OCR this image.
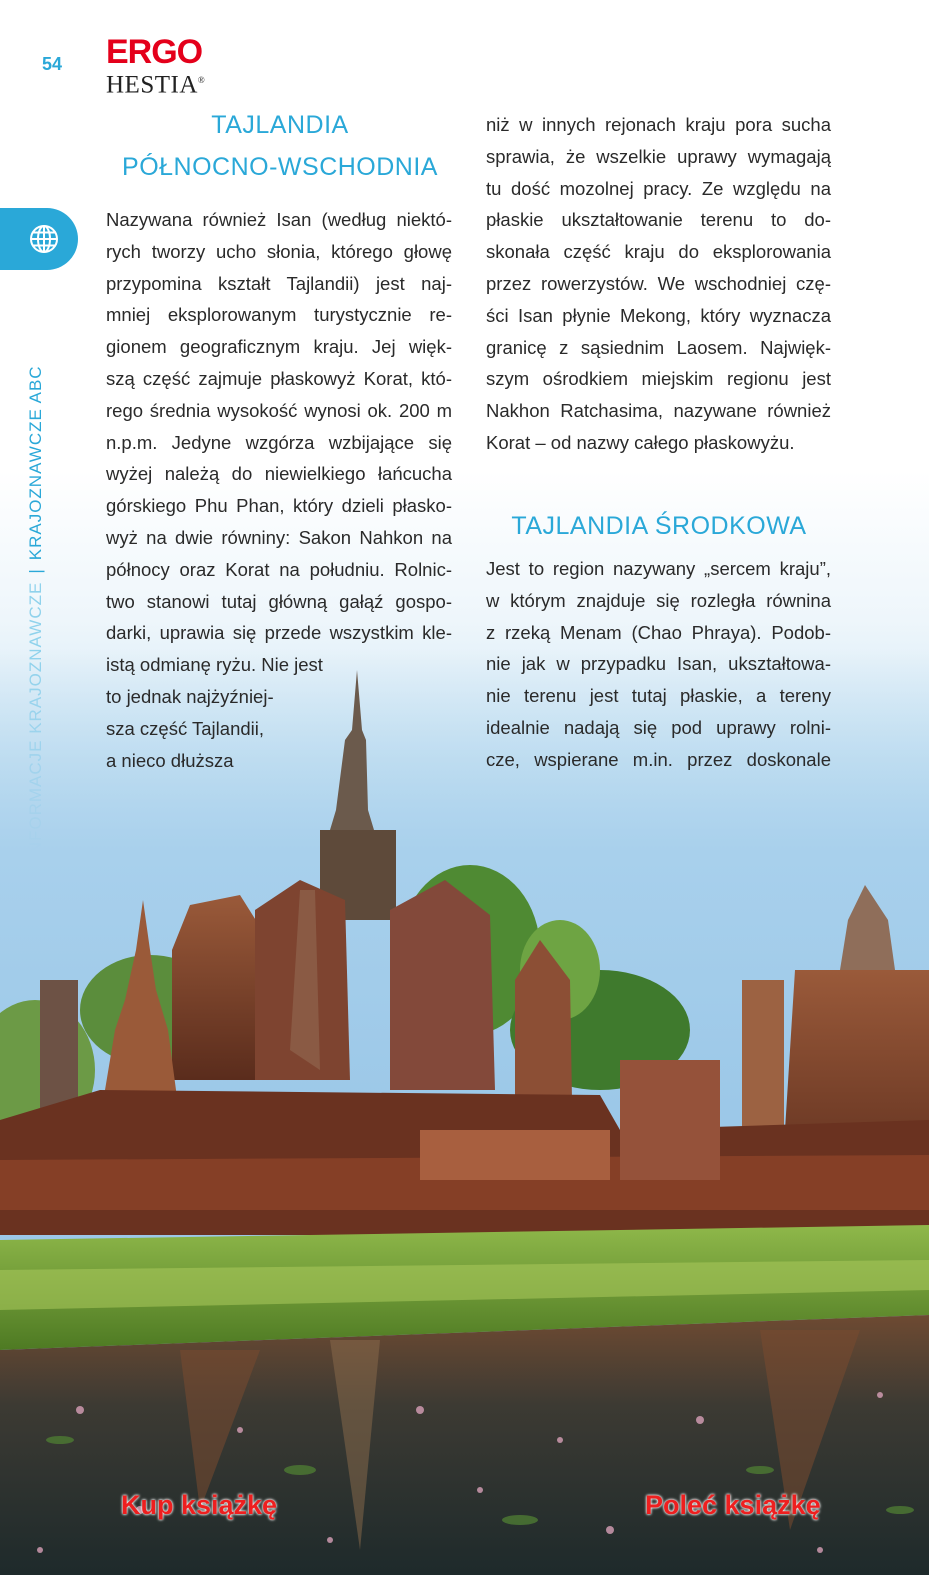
54 ERGO
HESTIA®
|KRAJOZNAWCZE ABC
TAJLANDIA
PÓŁNOCNO-WSCHODNIA
TAJLANDIA ŚRODKOWA
Nazywana również Isan (według niektó-
rych tworzy ucho słonia, którego głowę
przypomina kształt Tajlandii) jest naj-
mniej eksplorowanym turystycznie re-
gionem geograficznym kraju. Jej więk-
szą część zajmuje płaskowyż Korat, któ-
rego średnia wysokość wynosi ok. 200 m
n.p.m. Jedyne wzgórza wzbijające się
wyżej należą do niewielkiego łańcucha
górskiego Phu Phan, który dzieli płasko-
wyż na dwie równiny: Sakon Nahkon na
północy oraz Korat na południu. Rolnic-
two stanowi tutaj główną gałąź gospo-
darki, uprawia się przede wszystkim kle-
istą odmianę ryżu. Nie jest
to jednak najżyźniej-
sza część Tajlandii,
a nieco dłuższa
niż w innych rejonach kraju pora sucha
sprawia, że wszelkie uprawy wymagają
tu dość mozolnej pracy. Ze względu na
płaskie ukształtowanie terenu to do-
skonała część kraju do eksplorowania
przez rowerzystów. We wschodniej czę-
ści Isan płynie Mekong, który wyznacza
granicę z sąsiednim Laosem. Najwięk-
szym ośrodkiem miejskim regionu jest
Nakhon Ratchasima, nazywane również
Korat – od nazwy całego płaskowyżu.
Jest to region nazywany „sercem kraju”,
w którym znajduje się rozległa równina
z rzeką Menam (Chao Phraya). Podob-
nie jak w przypadku Isan, ukształtowa-
nie terenu jest tutaj płaskie, a tereny
idealnie nadają się pod uprawy rolni-
cze, wspierane m.in. przez doskonale
Kup książkę	Poleć książkę
